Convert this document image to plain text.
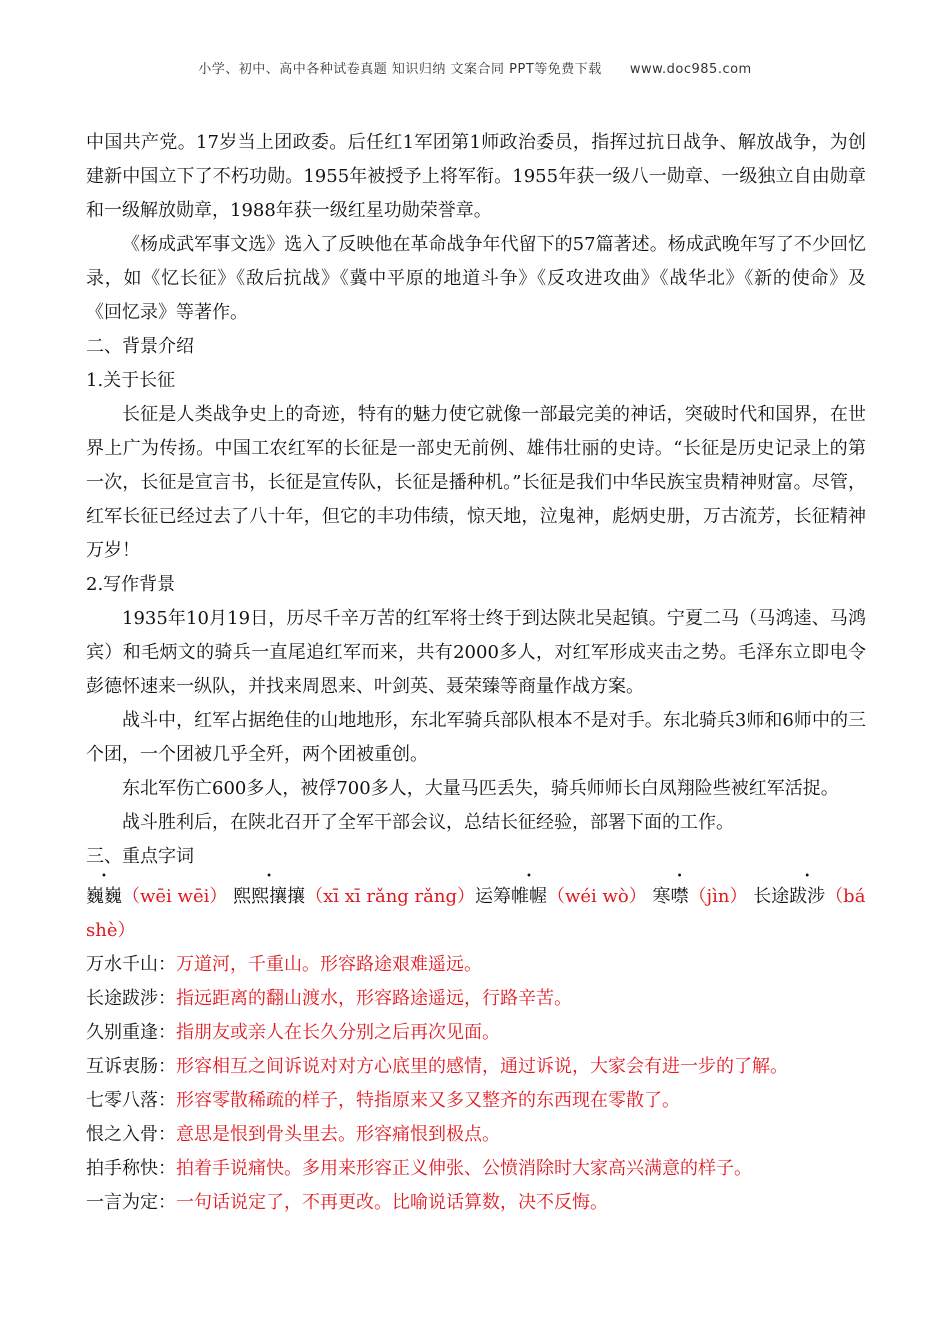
小学、初中、高中各种试卷真题 知识归纳 文案合同 PPT等免费下载 www.doc985.com

中国共产党。17岁当上团政委。后任红1军团第1师政治委员，指挥过抗日战争、解放战争，为创建新中国立下了不朽功勋。1955年被授予上将军衔。1955年获一级八一勋章、一级独立自由勋章和一级解放勋章，1988年获一级红星功勋荣誉章。

《杨成武军事文选》选入了反映他在革命战争年代留下的57篇著述。杨成武晚年写了不少回忆录，如《忆长征》《敌后抗战》《冀中平原的地道斗争》《反攻进攻曲》《战华北》《新的使命》及《回忆录》等著作。

二、背景介绍

1.关于长征

长征是人类战争史上的奇迹，特有的魅力使它就像一部最完美的神话，突破时代和国界，在世界上广为传扬。中国工农红军的长征是一部史无前例、雄伟壮丽的史诗。“长征是历史记录上的第一次，长征是宣言书，长征是宣传队，长征是播种机。”长征是我们中华民族宝贵精神财富。尽管，红军长征已经过去了八十年，但它的丰功伟绩，惊天地，泣鬼神，彪炳史册，万古流芳，长征精神万岁！

2.写作背景

1935年10月19日，历尽千辛万苦的红军将士终于到达陕北吴起镇。宁夏二马（马鸿逵、马鸿宾）和毛炳文的骑兵一直尾追红军而来，共有2000多人，对红军形成夹击之势。毛泽东立即电令彭德怀速来一纵队，并找来周恩来、叶剑英、聂荣臻等商量作战方案。

战斗中，红军占据绝佳的山地地形，东北军骑兵部队根本不是对手。东北骑兵3师和6师中的三个团，一个团被几乎全歼，两个团被重创。

东北军伤亡600多人，被俘700多人，大量马匹丢失，骑兵师师长白凤翔险些被红军活捉。

战斗胜利后，在陕北召开了全军干部会议，总结长征经验，部署下面的工作。

三、重点字词

巍巍（wēi wēi） 熙熙攘攘（xī xī rǎng rǎng）运筹帷幄（wéi wò） 寒噤（jìn） 长途跋涉（bá

shè）

万水千山： 万道河，千重山。形容路途艰难遥远。
长途跋涉： 指远距离的翻山渡水，形容路途遥远，行路辛苦。
久别重逢： 指朋友或亲人在长久分别之后再次见面。
互诉衷肠： 形容相互之间诉说对对方心底里的感情，通过诉说，大家会有进一步的了解。
七零八落： 形容零散稀疏的样子，特指原来又多又整齐的东西现在零散了。
恨之入骨： 意思是恨到骨头里去。形容痛恨到极点。
拍手称快： 拍着手说痛快。多用来形容正义伸张、公愤消除时大家高兴满意的样子。
一言为定： 一句话说定了，不再更改。比喻说话算数，决不反悔。
